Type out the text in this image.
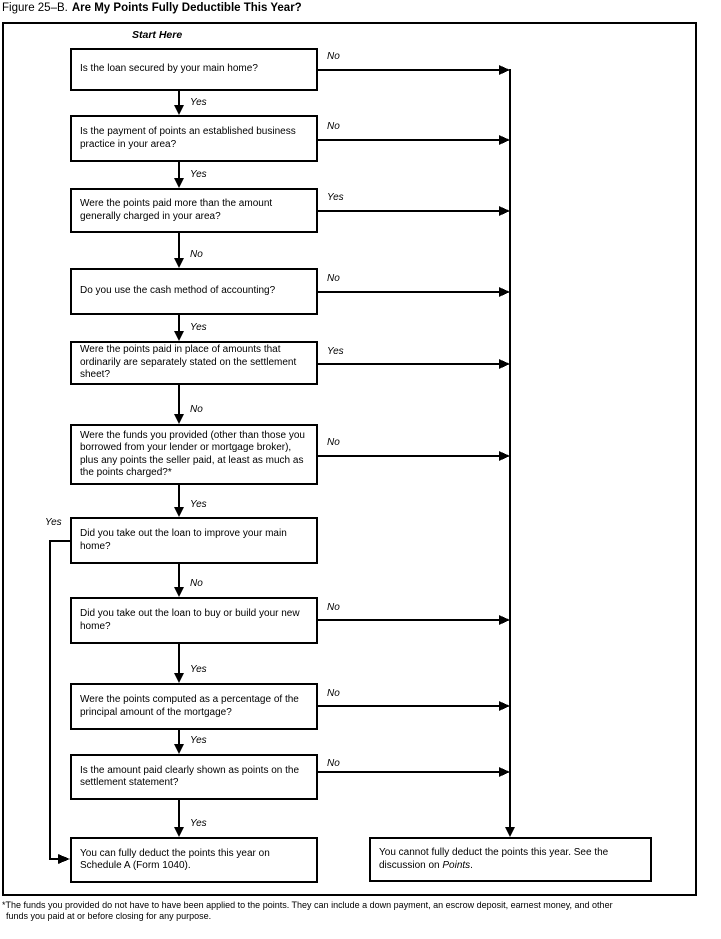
Figure 25–B. Are My Points Fully Deductible This Year?
Start Here
Is the loan secured by your main home?
Is the payment of points an established business practice in your area?
Were the points paid more than the amount generally charged in your area?
Do you use the cash method of accounting?
Were the points paid in place of amounts that ordinarily are separately stated on the settlement sheet?
Were the funds you provided (other than those you borrowed from your lender or mortgage broker), plus any points the seller paid, at least as much as the points charged?*
Did you take out the loan to improve your main home?
Did you take out the loan to buy or build your new home?
Were the points computed as a percentage of the principal amount of the mortgage?
Is the amount paid clearly shown as points on the settlement statement?
You can fully deduct the points this year on Schedule A (Form 1040).
You cannot fully deduct the points this year. See the discussion on Points.
Yes
Yes
No
Yes
No
Yes
No
Yes
Yes
Yes
No
No
Yes
No
Yes
No
No
No
No
Yes
*The funds you provided do not have to have been applied to the points. They can include a down payment, an escrow deposit, earnest money, and other
funds you paid at or before closing for any purpose.
